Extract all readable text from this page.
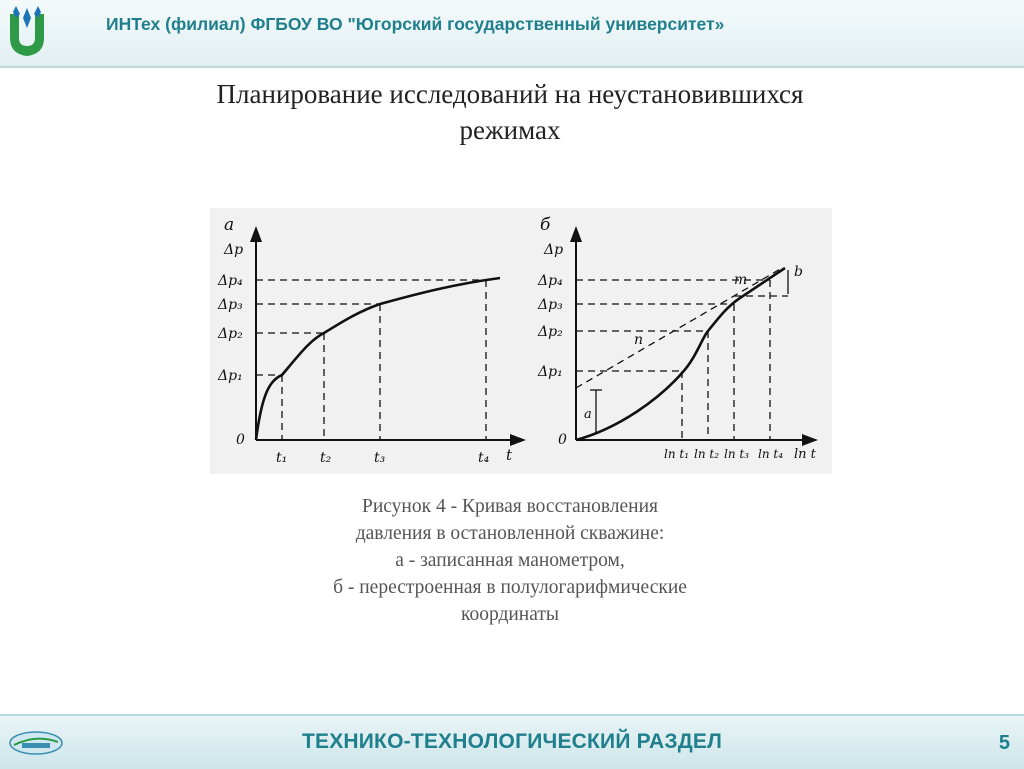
ИНТех (филиал) ФГБОУ ВО "Югорский государственный университет»
Планирование исследований на неустановившихся
режимах
а
Δp
Δp₄
Δp₃
Δp₂
Δp₁
0
t₁ t₂	t₃	t₄ t
б
Δp
Δp₄
Δp₃
Δp₂
Δp₁
0
ln t₁ ln t₂ ln t₃ ln t₄ ln t
n
m	b
a
Рисунок 4 - Кривая восстановления
давления в остановленной скважине:
а - записанная манометром,
б - перестроенная в полулогарифмические
координаты
ТЕХНИКО-ТЕХНОЛОГИЧЕСКИЙ РАЗДЕЛ	5
